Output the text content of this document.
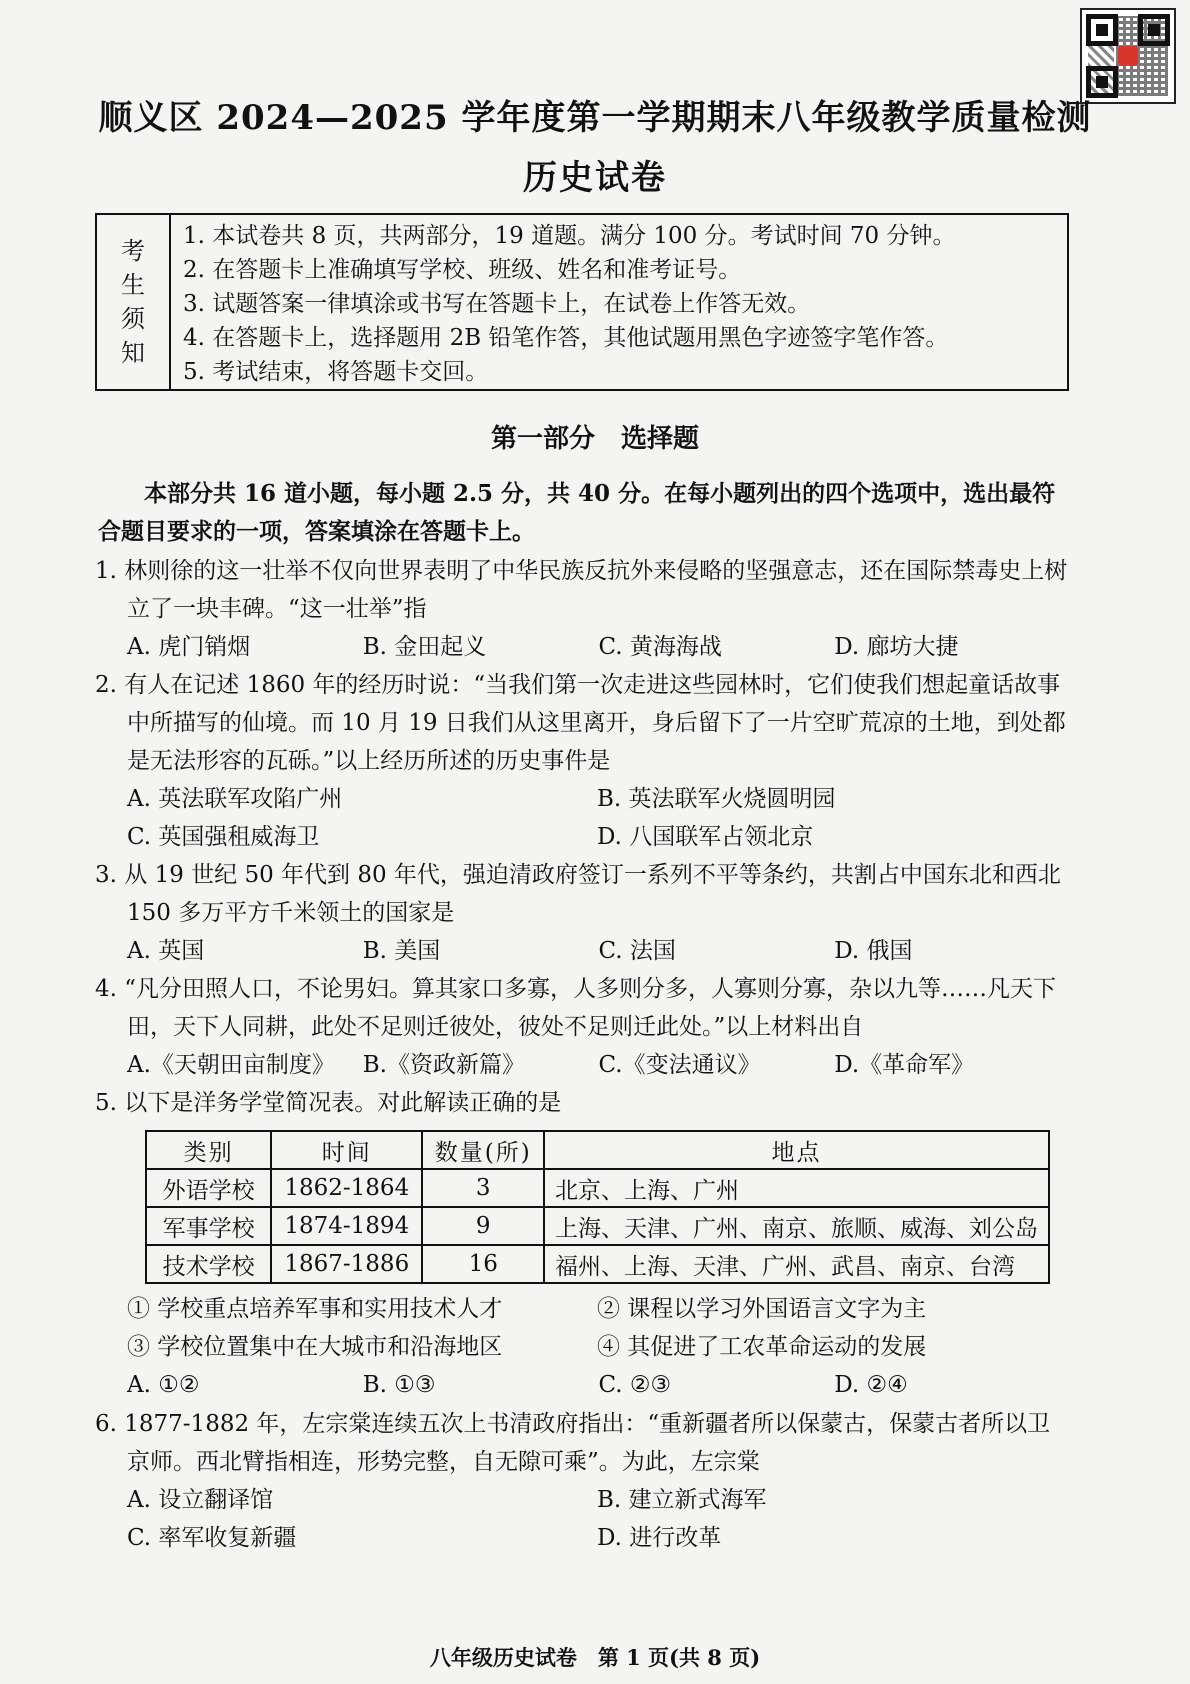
顺义区 2024—2025 学年度第一学期期末八年级教学质量检测
历史试卷
考
生
须
知
1. 本试卷共 8 页，共两部分，19 道题。满分 100 分。考试时间 70 分钟。
2. 在答题卡上准确填写学校、班级、姓名和准考证号。
3. 试题答案一律填涂或书写在答题卡上，在试卷上作答无效。
4. 在答题卡上，选择题用 2B 铅笔作答，其他试题用黑色字迹签字笔作答。
5. 考试结束，将答题卡交回。
第一部分　选择题
本部分共 16 道小题，每小题 2.5 分，共 40 分。在每小题列出的四个选项中，选出最符合题目要求的一项，答案填涂在答题卡上。
1. 林则徐的这一壮举不仅向世界表明了中华民族反抗外来侵略的坚强意志，还在国际禁毒史上树立了一块丰碑。“这一壮举”指
A. 虎门销烟	B. 金田起义	C. 黄海海战	D. 廊坊大捷
2. 有人在记述 1860 年的经历时说：“当我们第一次走进这些园林时，它们使我们想起童话故事中所描写的仙境。而 10 月 19 日我们从这里离开，身后留下了一片空旷荒凉的土地，到处都是无法形容的瓦砾。”以上经历所述的历史事件是
A. 英法联军攻陷广州	B. 英法联军火烧圆明园
C. 英国强租威海卫	D. 八国联军占领北京
3. 从 19 世纪 50 年代到 80 年代，强迫清政府签订一系列不平等条约，共割占中国东北和西北 150 多万平方千米领土的国家是
A. 英国	B. 美国	C. 法国	D. 俄国
4. “凡分田照人口，不论男妇。算其家口多寡，人多则分多，人寡则分寡，杂以九等……凡天下田，天下人同耕，此处不足则迁彼处，彼处不足则迁此处。”以上材料出自
A.《天朝田亩制度》	B.《资政新篇》	C.《变法通议》	D.《革命军》
5. 以下是洋务学堂简况表。对此解读正确的是
类别	时间	数量(所)	地点
外语学校	1862-1864	3	北京、上海、广州
军事学校	1874-1894	9	上海、天津、广州、南京、旅顺、威海、刘公岛
技术学校	1867-1886	16	福州、上海、天津、广州、武昌、南京、台湾
① 学校重点培养军事和实用技术人才	② 课程以学习外国语言文字为主
③ 学校位置集中在大城市和沿海地区	④ 其促进了工农革命运动的发展
A. ①②	B. ①③	C. ②③	D. ②④
6. 1877-1882 年，左宗棠连续五次上书清政府指出：“重新疆者所以保蒙古，保蒙古者所以卫京师。西北臂指相连，形势完整，自无隙可乘”。为此，左宗棠
A. 设立翻译馆	B. 建立新式海军
C. 率军收复新疆	D. 进行改革
八年级历史试卷　第 1 页(共 8 页)
